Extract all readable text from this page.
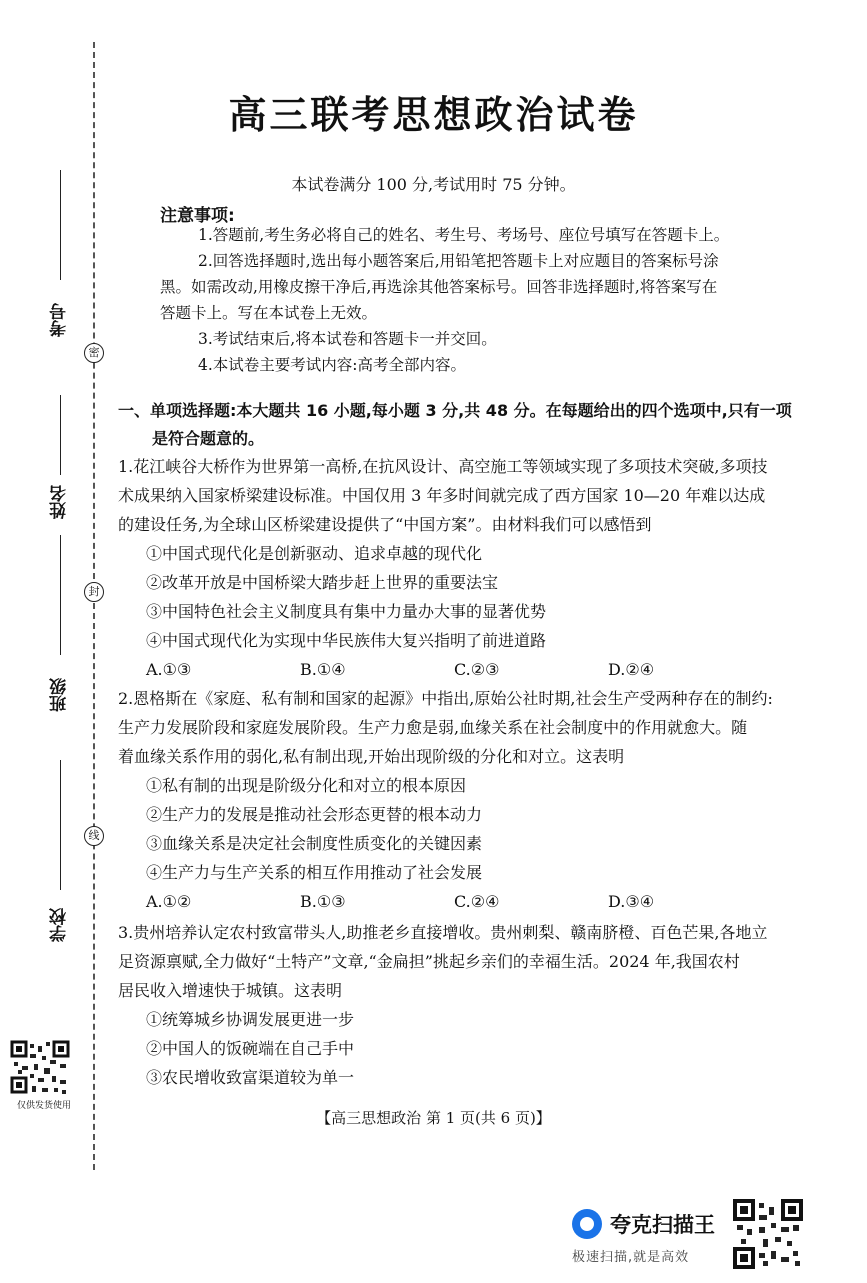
考号
姓名
班级
学校
密
封
线
仅供发货使用
高三联考思想政治试卷
本试卷满分 100 分,考试用时 75 分钟。
注意事项:
1.答题前,考生务必将自己的姓名、考生号、考场号、座位号填写在答题卡上。
2.回答选择题时,选出每小题答案后,用铅笔把答题卡上对应题目的答案标号涂
黑。如需改动,用橡皮擦干净后,再选涂其他答案标号。回答非选择题时,将答案写在
答题卡上。写在本试卷上无效。
3.考试结束后,将本试卷和答题卡一并交回。
4.本试卷主要考试内容:高考全部内容。
一、单项选择题:本大题共 16 小题,每小题 3 分,共 48 分。在每题给出的四个选项中,只有一项
是符合题意的。
1.花江峡谷大桥作为世界第一高桥,在抗风设计、高空施工等领域实现了多项技术突破,多项技
术成果纳入国家桥梁建设标准。中国仅用 3 年多时间就完成了西方国家 10—20 年难以达成
的建设任务,为全球山区桥梁建设提供了“中国方案”。由材料我们可以感悟到
①中国式现代化是创新驱动、追求卓越的现代化
②改革开放是中国桥梁大踏步赶上世界的重要法宝
③中国特色社会主义制度具有集中力量办大事的显著优势
④中国式现代化为实现中华民族伟大复兴指明了前进道路
A.①③	B.①④	C.②③	D.②④
2.恩格斯在《家庭、私有制和国家的起源》中指出,原始公社时期,社会生产受两种存在的制约:
生产力发展阶段和家庭发展阶段。生产力愈是弱,血缘关系在社会制度中的作用就愈大。随
着血缘关系作用的弱化,私有制出现,开始出现阶级的分化和对立。这表明
①私有制的出现是阶级分化和对立的根本原因
②生产力的发展是推动社会形态更替的根本动力
③血缘关系是决定社会制度性质变化的关键因素
④生产力与生产关系的相互作用推动了社会发展
A.①②	B.①③	C.②④	D.③④
3.贵州培养认定农村致富带头人,助推老乡直接增收。贵州刺梨、赣南脐橙、百色芒果,各地立
足资源禀赋,全力做好“土特产”文章,“金扁担”挑起乡亲们的幸福生活。2024 年,我国农村
居民收入增速快于城镇。这表明
①统筹城乡协调发展更进一步
②中国人的饭碗端在自己手中
③农民增收致富渠道较为单一
【高三思想政治 第 1 页(共 6 页)】
夸克扫描王
极速扫描,就是高效
